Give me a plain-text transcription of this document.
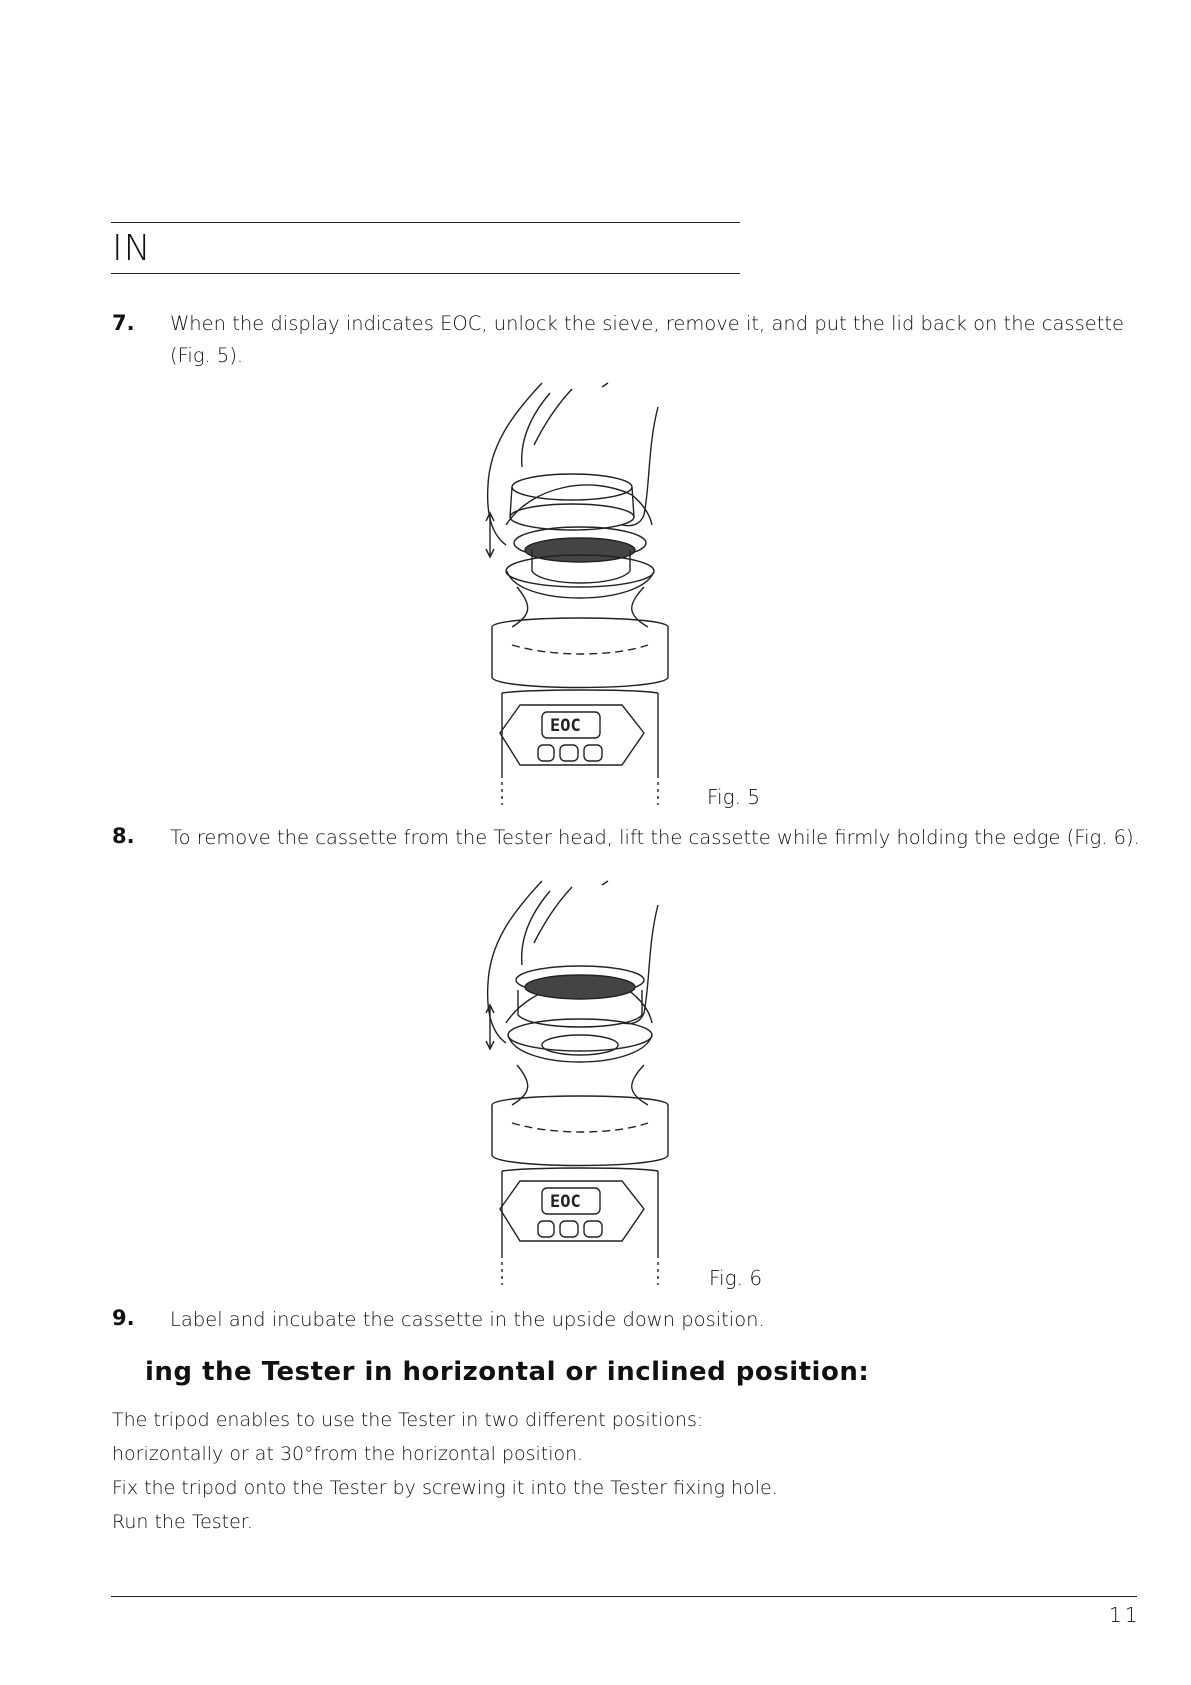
IN
7. When the display indicates EOC, unlock the sieve, remove it, and put the lid back on the cassette
(Fig. 5).
EOC
Fig. 5
8. To remove the cassette from the Tester head, lift the cassette while firmly holding the edge (Fig. 6).
EOC
Fig. 6
9. Label and incubate the cassette in the upside down position.
ing the Tester in horizontal or inclined position:
The tripod enables to use the Tester in two different positions:
horizontally or at 30°from the horizontal position.
Fix the tripod onto the Tester by screwing it into the Tester fixing hole.
Run the Tester.
11
